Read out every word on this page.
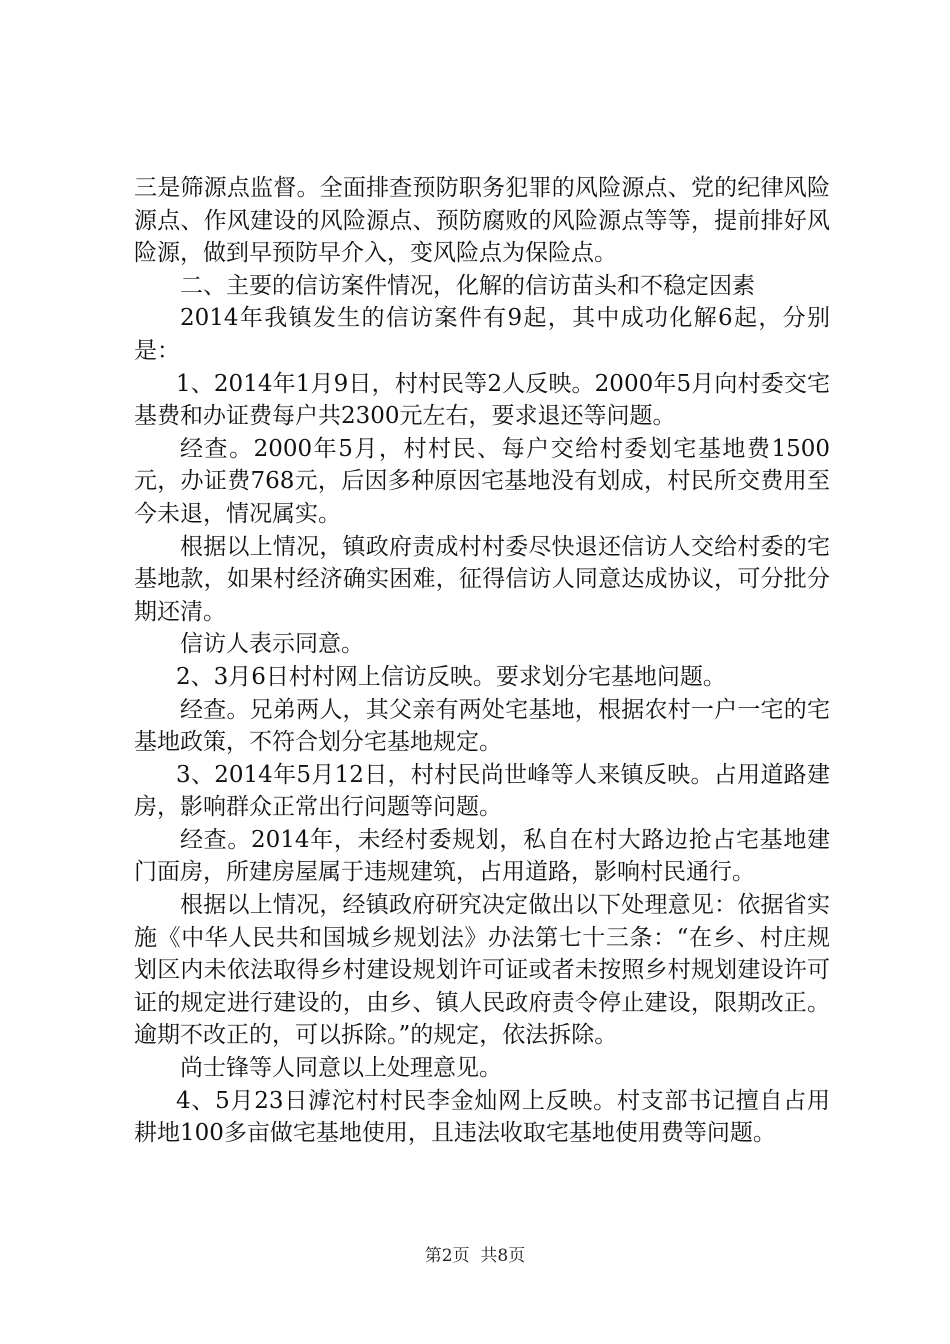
三是筛源点监督。全面排查预防职务犯罪的风险源点、党的纪律风险源点、作风建设的风险源点、预防腐败的风险源点等等，提前排好风险源，做到早预防早介入，变风险点为保险点。

二、主要的信访案件情况，化解的信访苗头和不稳定因素

2014年我镇发生的信访案件有9起，其中成功化解6起，分别是：

1、2014年1月9日，村村民等2人反映。2000年5月向村委交宅基费和办证费每户共2300元左右，要求退还等问题。

经查。2000年5月，村村民、每户交给村委划宅基地费1500元，办证费768元，后因多种原因宅基地没有划成，村民所交费用至今未退，情况属实。

根据以上情况，镇政府责成村村委尽快退还信访人交给村委的宅基地款，如果村经济确实困难，征得信访人同意达成协议，可分批分期还清。

信访人表示同意。

2、3月6日村村网上信访反映。要求划分宅基地问题。

经查。兄弟两人，其父亲有两处宅基地，根据农村一户一宅的宅基地政策，不符合划分宅基地规定。

3、2014年5月12日，村村民尚世峰等人来镇反映。占用道路建房，影响群众正常出行问题等问题。

经查。2014年，未经村委规划，私自在村大路边抢占宅基地建门面房，所建房屋属于违规建筑，占用道路，影响村民通行。

根据以上情况，经镇政府研究决定做出以下处理意见：依据省实施《中华人民共和国城乡规划法》办法第七十三条：“在乡、村庄规划区内未依法取得乡村建设规划许可证或者未按照乡村规划建设许可证的规定进行建设的，由乡、镇人民政府责令停止建设，限期改正。逾期不改正的，可以拆除。”的规定，依法拆除。

尚士锋等人同意以上处理意见。

4、5月23日滹沱村村民李金灿网上反映。村支部书记擅自占用耕地100多亩做宅基地使用，且违法收取宅基地使用费等问题。

第2页  共8页
